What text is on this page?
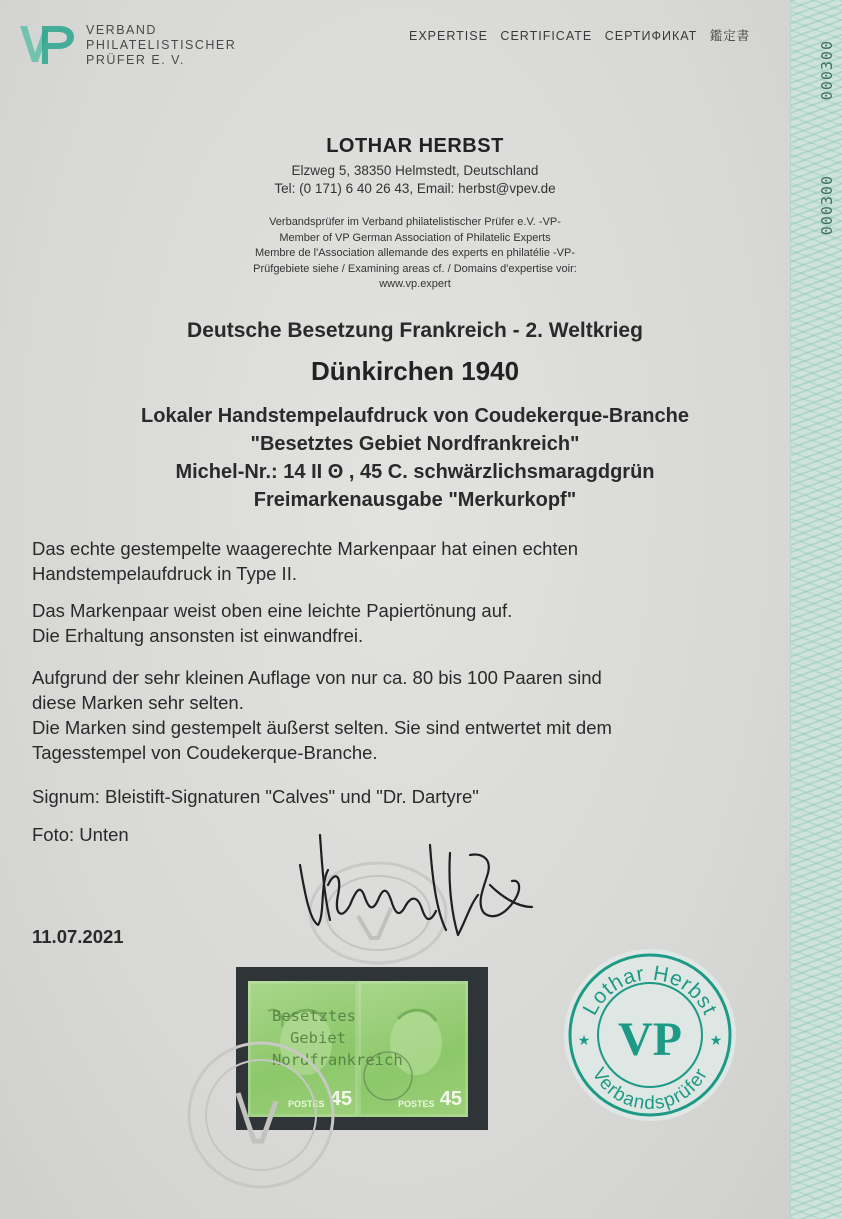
000300
000300
VERBAND
PHILATELISTISCHER
PRÜFER E. V.
EXPERTISE CERTIFICATE СЕРТИФИКАТ 鑑定書
LOTHAR HERBST
Elzweg 5, 38350 Helmstedt, Deutschland
Tel: (0 171) 6 40 26 43, Email: herbst@vpev.de
Verbandsprüfer im Verband philatelistischer Prüfer e.V. -VP-
Member of VP German Association of Philatelic Experts
Membre de l'Association allemande des experts en philatélie -VP-
Prüfgebiete siehe / Examining areas cf. / Domains d'expertise voir:
www.vp.expert
Deutsche Besetzung Frankreich - 2. Weltkrieg
Dünkirchen 1940
Lokaler Handstempelaufdruck von Coudekerque-Branche
"Besetztes Gebiet Nordfrankreich"
Michel-Nr.: 14 II ʘ , 45 C. schwärzlichsmaragdgrün
Freimarkenausgabe "Merkurkopf"
Das echte gestempelte waagerechte Markenpaar hat einen echten
Handstempelaufdruck in Type II.
Das Markenpaar weist oben eine leichte Papiertönung auf.
Die Erhaltung ansonsten ist einwandfrei.
Aufgrund der sehr kleinen Auflage von nur ca. 80 bis 100 Paaren sind
diese Marken sehr selten.
Die Marken sind gestempelt äußerst selten. Sie sind entwertet mit dem
Tagesstempel von Coudekerque-Branche.
Signum: Bleistift-Signaturen "Calves" und "Dr. Dartyre"
Foto: Unten
11.07.2021
POSTES 45	POSTES 45
Besetztes
Gebiet
Nordfrankreich
Lothar Herbst
Verbandsprüfer
★	★
VP
